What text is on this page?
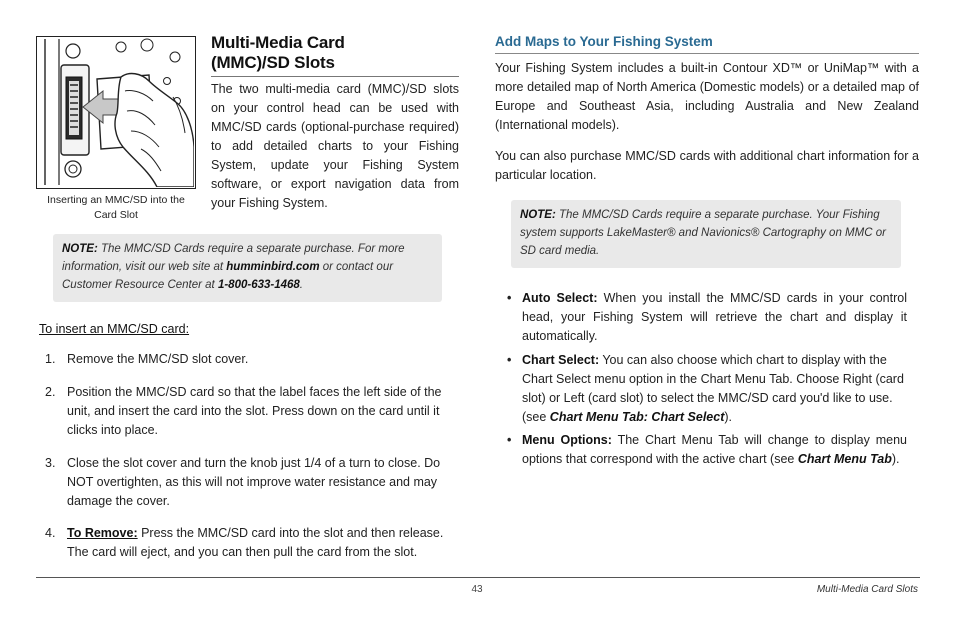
Inserting an MMC/SD into the Card Slot
Multi-Media Card
(MMC)/SD Slots
The two multi-media card (MMC)/SD slots on your control head can be used with MMC/SD cards (optional-purchase required) to add detailed charts to your Fishing System, update your Fishing System software, or export navigation data from your Fishing System.
NOTE: The MMC/SD Cards require a separate purchase. For more information, visit our web site at humminbird.com or contact our Customer Resource Center at 1-800-633-1468.
To insert an MMC/SD card:
1. Remove the MMC/SD slot cover.
2. Position the MMC/SD card so that the label faces the left side of the unit, and insert the card into the slot. Press down on the card until it clicks into place.
3. Close the slot cover and turn the knob just 1/4 of a turn to close. Do NOT overtighten, as this will not improve water resistance and may damage the cover.
4. To Remove: Press the MMC/SD card into the slot and then release. The card will eject, and you can then pull the card from the slot.
Add Maps to Your Fishing System
Your Fishing System includes a built-in Contour XD™ or UniMap™ with a more detailed map of North America (Domestic models) or a detailed map of Europe and Southeast Asia, including Australia and New Zealand (International models).
You can also purchase MMC/SD cards with additional chart information for a particular location.
NOTE: The MMC/SD Cards require a separate purchase. Your Fishing system supports LakeMaster® and Navionics® Cartography on MMC or SD card media.
• Auto Select: When you install the MMC/SD cards in your control head, your Fishing System will retrieve the chart and display it automatically.
• Chart Select: You can also choose which chart to display with the Chart Select menu option in the Chart Menu Tab. Choose Right (card slot) or Left (card slot) to select the MMC/SD card you'd like to use. (see Chart Menu Tab: Chart Select).
• Menu Options: The Chart Menu Tab will change to display menu options that correspond with the active chart (see Chart Menu Tab).
43	Multi-Media Card Slots
